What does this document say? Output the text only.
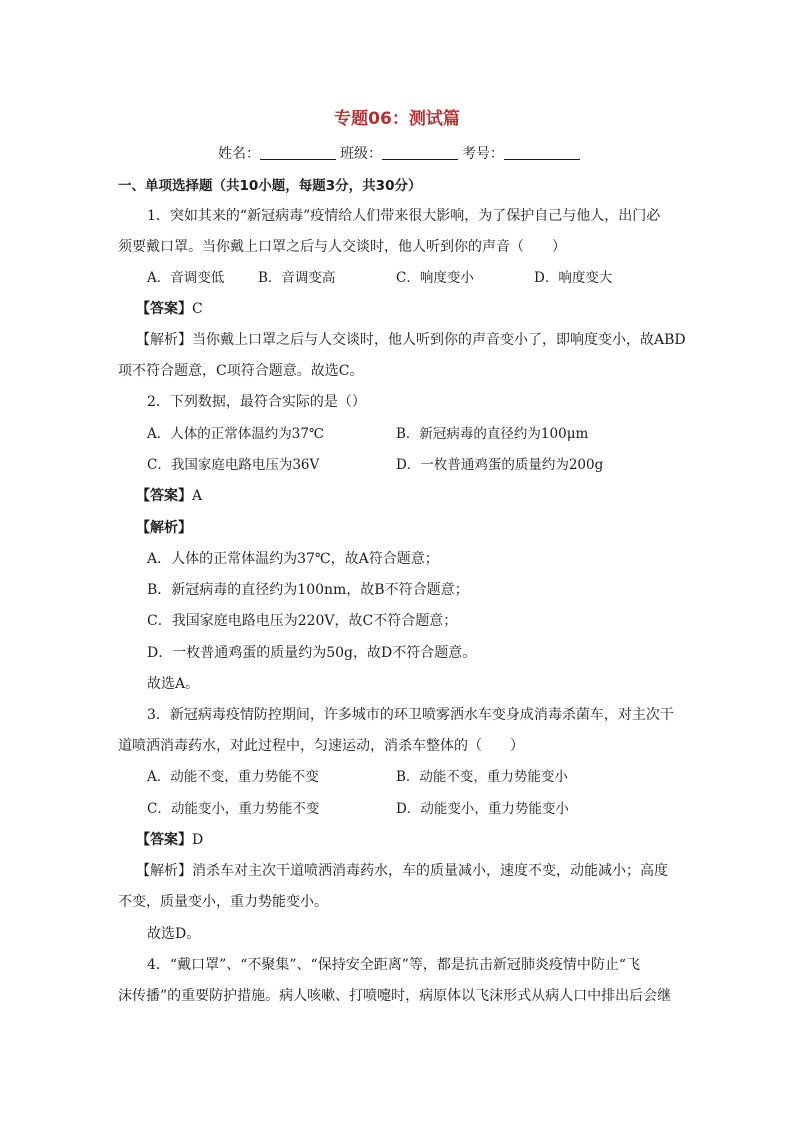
专题06：测试篇
姓名：	班级：	考号：
一、单项选择题（共10小题，每题3分，共30分）
1．突如其来的“新冠病毒”疫情给人们带来很大影响，为了保护自己与他人，出门必
须要戴口罩。当你戴上口罩之后与人交谈时，他人听到你的声音（　　）
A．音调变低	B．音调变高	C．响度变小	D．响度变大
【答案】C
【解析】当你戴上口罩之后与人交谈时，他人听到你的声音变小了，即响度变小，故ABD
项不符合题意，C项符合题意。故选C。
2．下列数据，最符合实际的是（）
A．人体的正常体温约为37℃	B．新冠病毒的直径约为100μm
C．我国家庭电路电压为36V	D．一枚普通鸡蛋的质量约为200g
【答案】A
【解析】
A．人体的正常体温约为37℃，故A符合题意；
B．新冠病毒的直径约为100nm，故B不符合题意；
C．我国家庭电路电压为220V，故C不符合题意；
D．一枚普通鸡蛋的质量约为50g，故D不符合题意。
故选A。
3．新冠病毒疫情防控期间，许多城市的环卫喷雾洒水车变身成消毒杀菌车，对主次干
道喷洒消毒药水，对此过程中，匀速运动，消杀车整体的（　　）
A．动能不变，重力势能不变	B．动能不变，重力势能变小
C．动能变小，重力势能不变	D．动能变小，重力势能变小
【答案】D
【解析】消杀车对主次干道喷洒消毒药水，车的质量减小，速度不变，动能减小；高度
不变，质量变小，重力势能变小。
故选D。
4．“戴口罩”、“不聚集”、“保持安全距离”等，都是抗击新冠肺炎疫情中防止“飞
沫传播”的重要防护措施。病人咳嗽、打喷嚏时，病原体以飞沫形式从病人口中排出后会继
